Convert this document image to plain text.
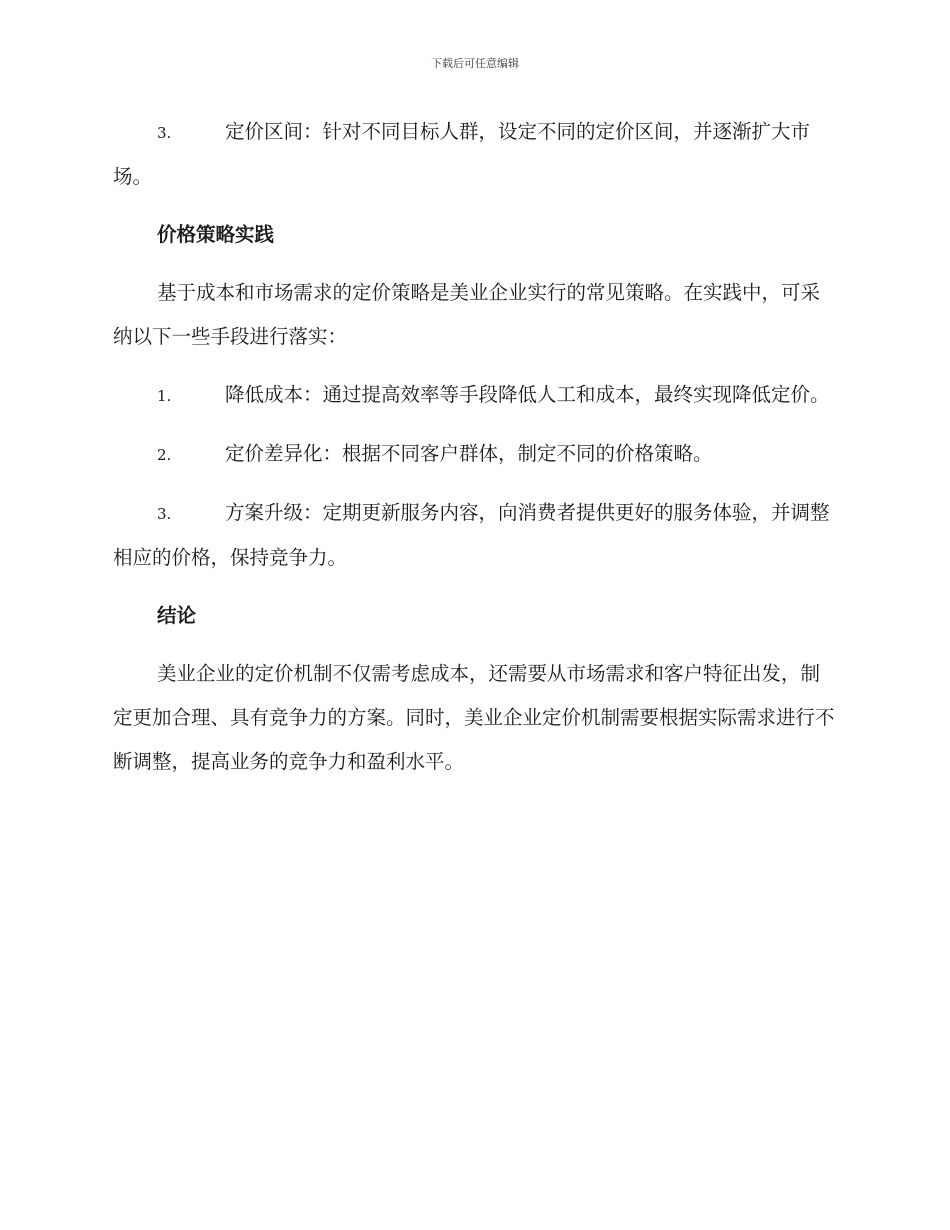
下载后可任意编辑

3.	定价区间：针对不同目标人群，设定不同的定价区间，并逐渐扩大市场。

价格策略实践

基于成本和市场需求的定价策略是美业企业实行的常见策略。在实践中，可采纳以下一些手段进行落实：

1.	降低成本：通过提高效率等手段降低人工和成本，最终实现降低定价。

2.	定价差异化：根据不同客户群体，制定不同的价格策略。

3.	方案升级：定期更新服务内容，向消费者提供更好的服务体验，并调整相应的价格，保持竞争力。

结论

美业企业的定价机制不仅需考虑成本，还需要从市场需求和客户特征出发，制定更加合理、具有竞争力的方案。同时，美业企业定价机制需要根据实际需求进行不断调整，提高业务的竞争力和盈利水平。
